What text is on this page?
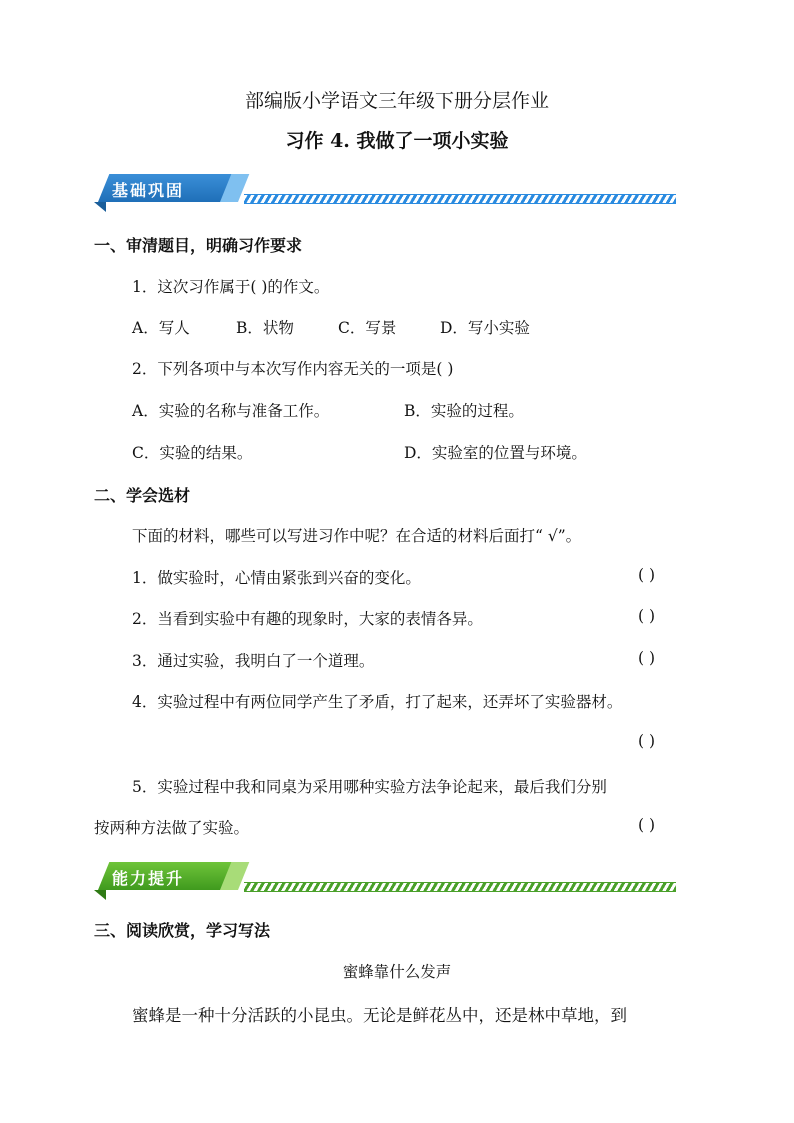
部编版小学语文三年级下册分层作业
习作 4. 我做了一项小实验
基础巩固
一、审清题目，明确习作要求
1．这次习作属于( )的作文。
A．写人	B．状物	C．写景	D．写小实验
2．下列各项中与本次写作内容无关的一项是( )
A．实验的名称与准备工作。	B．实验的过程。
C．实验的结果。	D．实验室的位置与环境。
二、学会选材
下面的材料，哪些可以写进习作中呢？在合适的材料后面打“ √”。
1．做实验时，心情由紧张到兴奋的变化。	( )
2．当看到实验中有趣的现象时，大家的表情各异。	( )
3．通过实验，我明白了一个道理。	( )
4．实验过程中有两位同学产生了矛盾，打了起来，还弄坏了实验器材。
( )
5．实验过程中我和同桌为采用哪种实验方法争论起来，最后我们分别
按两种方法做了实验。	( )
能力提升
三、阅读欣赏，学习写法
蜜蜂靠什么发声
蜜蜂是一种十分活跃的小昆虫。无论是鲜花丛中，还是林中草地，到
